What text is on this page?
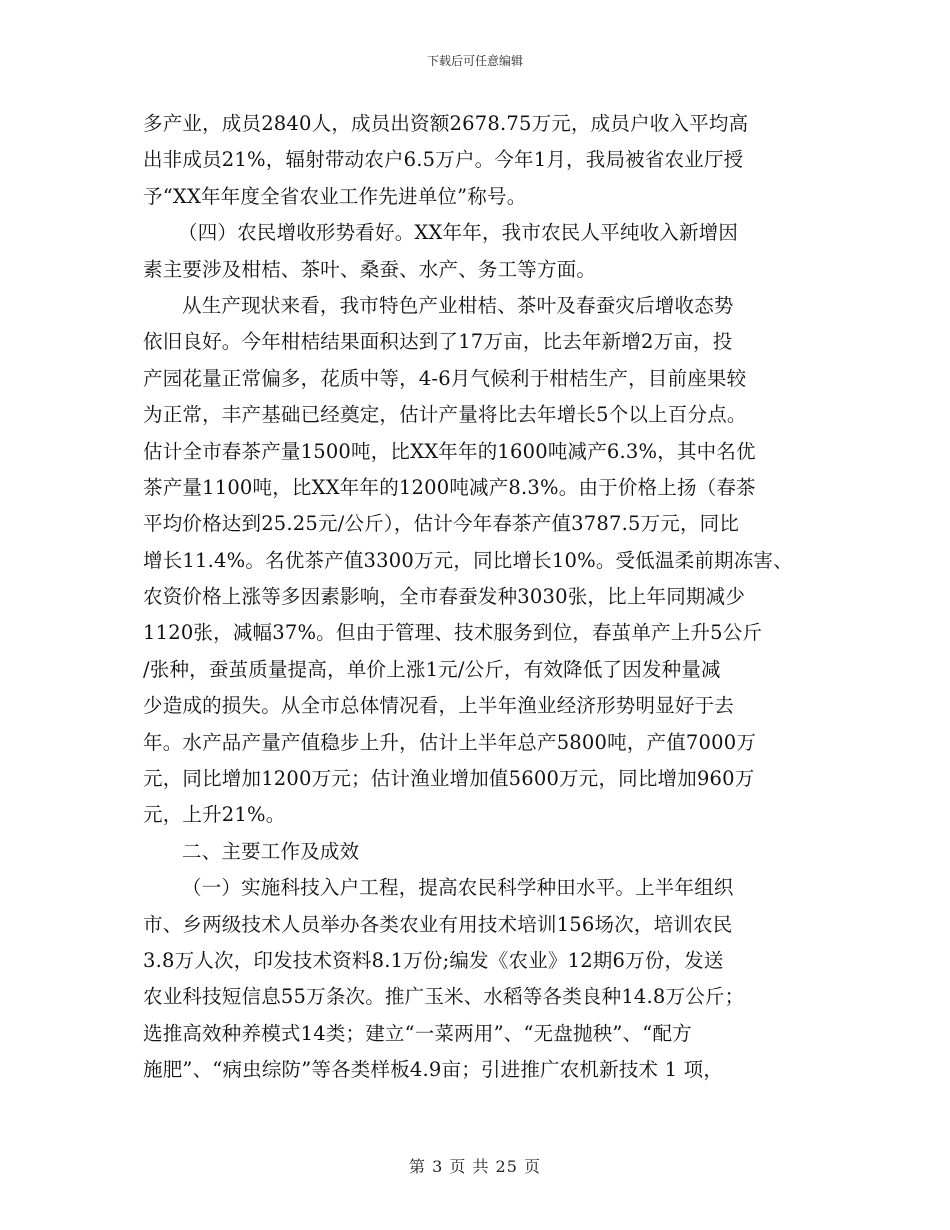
下载后可任意编辑
多产业，成员2840人，成员出资额2678.75万元，成员户收入平均高
出非成员21%，辐射带动农户6.5万户。今年1月，我局被省农业厅授
予“XX年年度全省农业工作先进单位”称号。
（四）农民增收形势看好。XX年年，我市农民人平纯收入新增因
素主要涉及柑桔、茶叶、桑蚕、水产、务工等方面。
从生产现状来看，我市特色产业柑桔、茶叶及春蚕灾后增收态势
依旧良好。今年柑桔结果面积达到了17万亩，比去年新增2万亩，投
产园花量正常偏多，花质中等，4-6月气候利于柑桔生产，目前座果较
为正常，丰产基础已经奠定，估计产量将比去年增长5个以上百分点。
估计全市春茶产量1500吨，比XX年年的1600吨减产6.3%，其中名优
茶产量1100吨，比XX年年的1200吨减产8.3%。由于价格上扬（春茶
平均价格达到25.25元/公斤），估计今年春茶产值3787.5万元，同比
增长11.4%。名优茶产值3300万元，同比增长10%。受低温柔前期冻害、
农资价格上涨等多因素影响，全市春蚕发种3030张，比上年同期减少
1120张，减幅37%。但由于管理、技术服务到位，春茧单产上升5公斤
/张种，蚕茧质量提高，单价上涨1元/公斤，有效降低了因发种量减
少造成的损失。从全市总体情况看，上半年渔业经济形势明显好于去
年。水产品产量产值稳步上升，估计上半年总产5800吨，产值7000万
元，同比增加1200万元；估计渔业增加值5600万元，同比增加960万
元，上升21%。
二、主要工作及成效
（一）实施科技入户工程，提高农民科学种田水平。上半年组织
市、乡两级技术人员举办各类农业有用技术培训156场次，培训农民
3.8万人次，印发技术资料8.1万份;编发《农业》12期6万份，发送
农业科技短信息55万条次。推广玉米、水稻等各类良种14.8万公斤；
选推高效种养模式14类；建立“一菜两用”、“无盘抛秧”、“配方
施肥”、“病虫综防”等各类样板4.9亩；引进推广农机新技术 1 项，
第 3 页 共 25 页
